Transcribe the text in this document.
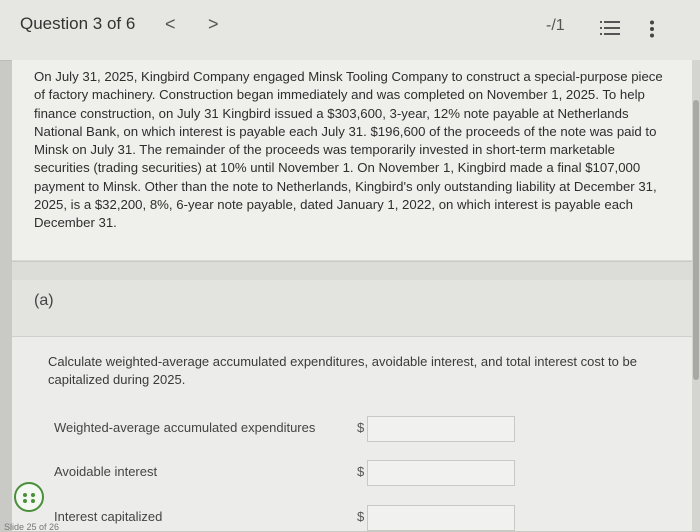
Question 3 of 6 < >	-/1

On July 31, 2025, Kingbird Company engaged Minsk Tooling Company to construct a special-purpose piece of factory machinery. Construction began immediately and was completed on November 1, 2025. To help finance construction, on July 31 Kingbird issued a $303,600, 3-year, 12% note payable at Netherlands National Bank, on which interest is payable each July 31. $196,600 of the proceeds of the note was paid to Minsk on July 31. The remainder of the proceeds was temporarily invested in short-term marketable securities (trading securities) at 10% until November 1. On November 1, Kingbird made a final $107,000 payment to Minsk. Other than the note to Netherlands, Kingbird's only outstanding liability at December 31, 2025, is a $32,200, 8%, 6-year note payable, dated January 1, 2022, on which interest is payable each December 31.

(a)
Calculate weighted-average accumulated expenditures, avoidable interest, and total interest cost to be capitalized during 2025.
Weighted-average accumulated expenditures	$
Avoidable interest	$
Interest capitalized	$
Slide 25 of 26
